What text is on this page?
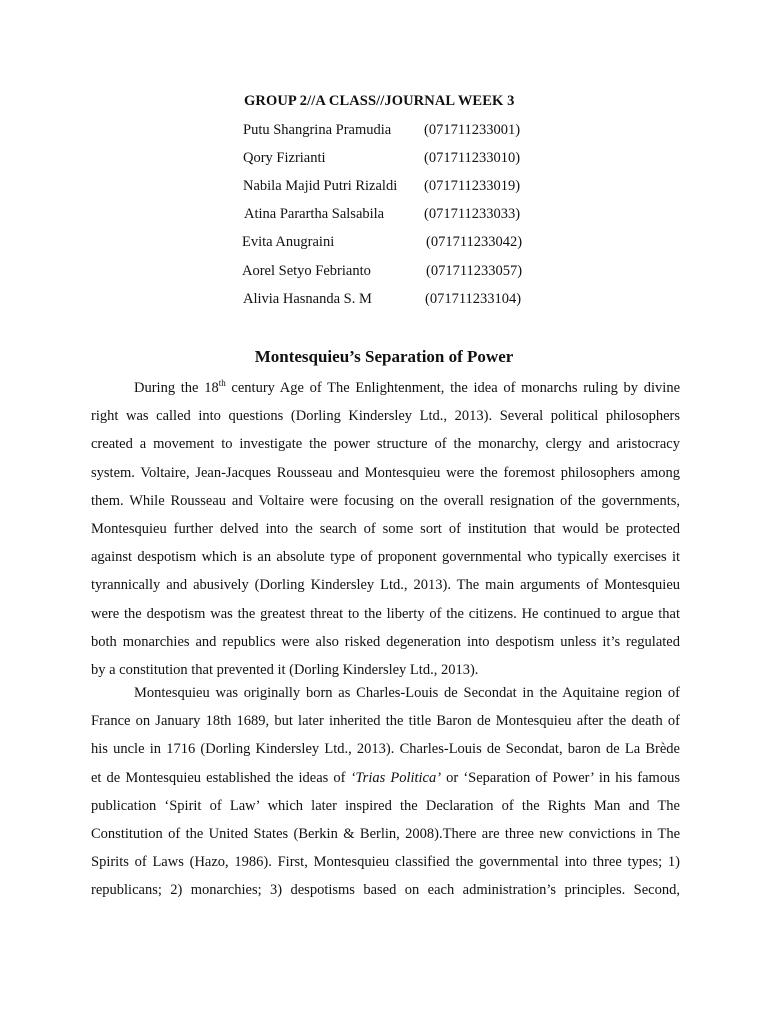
GROUP 2//A CLASS//JOURNAL WEEK 3
Putu Shangrina Pramudia (071711233001)
Qory Fizrianti	(071711233010)
Nabila Majid Putri Rizaldi (071711233019)
Atina Parartha Salsabila	(071711233033)
Evita Anugraini	(071711233042)
Aorel Setyo Febrianto	(071711233057)
Alivia Hasnanda S. M	(071711233104)
Montesquieu’s Separation of Power
During the 18th century Age of The Enlightenment, the idea of monarchs ruling by divine
right was called into questions (Dorling Kindersley Ltd., 2013). Several political philosophers
created a movement to investigate the power structure of the monarchy, clergy and aristocracy
system. Voltaire, Jean-Jacques Rousseau and Montesquieu were the foremost philosophers among
them. While Rousseau and Voltaire were focusing on the overall resignation of the governments,
Montesquieu further delved into the search of some sort of institution that would be protected
against despotism which is an absolute type of proponent governmental who typically exercises it
tyrannically and abusively (Dorling Kindersley Ltd., 2013). The main arguments of Montesquieu
were the despotism was the greatest threat to the liberty of the citizens. He continued to argue that
both monarchies and republics were also risked degeneration into despotism unless it’s regulated
by a constitution that prevented it (Dorling Kindersley Ltd., 2013).
Montesquieu was originally born as Charles-Louis de Secondat in the Aquitaine region of
France on January 18th 1689, but later inherited the title Baron de Montesquieu after the death of
his uncle in 1716 (Dorling Kindersley Ltd., 2013). Charles-Louis de Secondat, baron de La Brède
et de Montesquieu established the ideas of ‘Trias Politica’ or ‘Separation of Power’ in his famous
publication ‘Spirit of Law’ which later inspired the Declaration of the Rights Man and The
Constitution of the United States (Berkin & Berlin, 2008).There are three new convictions in The
Spirits of Laws (Hazo, 1986). First, Montesquieu classified the governmental into three types; 1)
republicans; 2) monarchies; 3) despotisms based on each administration’s principles. Second,
